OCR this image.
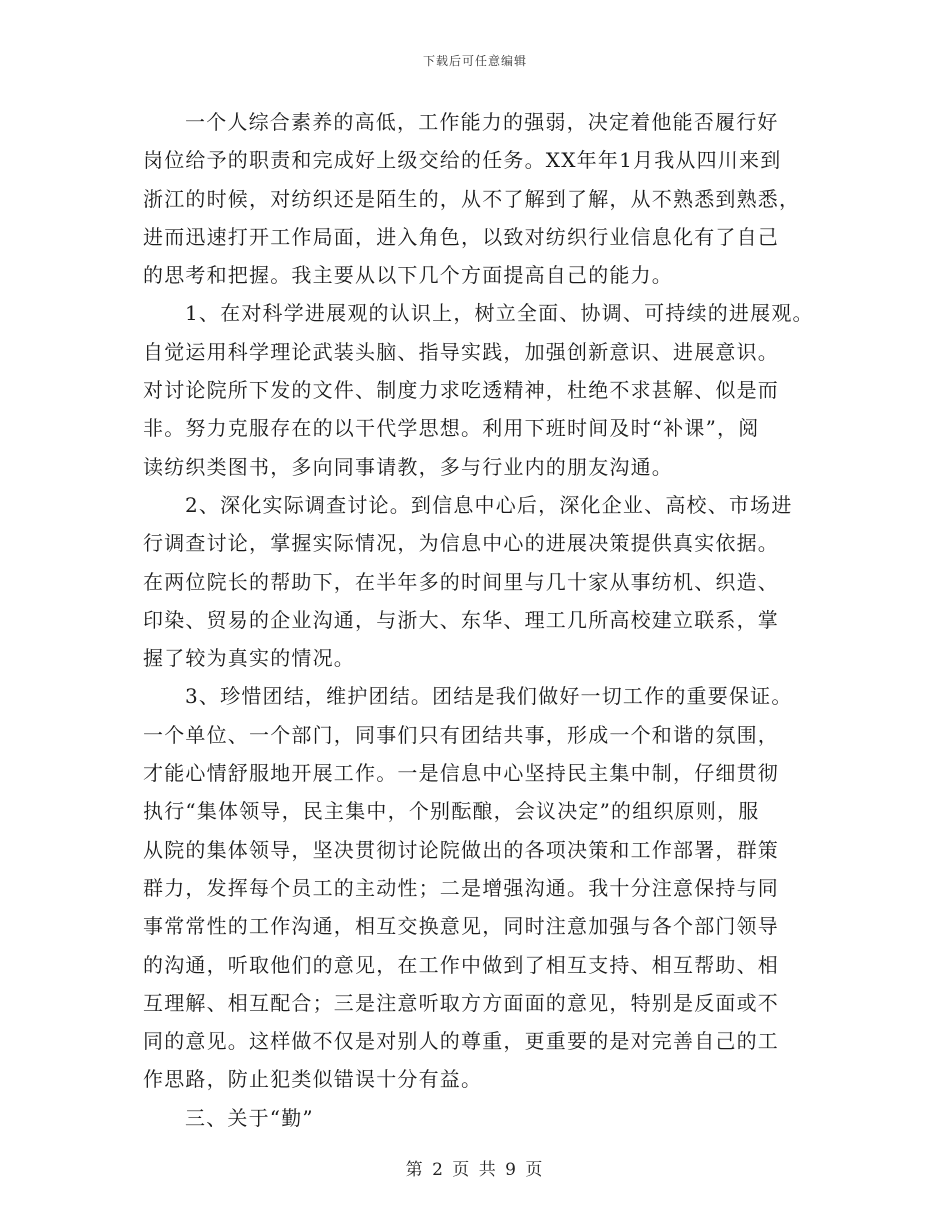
下载后可任意编辑
一个人综合素养的高低，工作能力的强弱，决定着他能否履行好
岗位给予的职责和完成好上级交给的任务。XX年年1月我从四川来到
浙江的时候，对纺织还是陌生的，从不了解到了解，从不熟悉到熟悉，
进而迅速打开工作局面，进入角色，以致对纺织行业信息化有了自己
的思考和把握。我主要从以下几个方面提高自己的能力。
1、在对科学进展观的认识上，树立全面、协调、可持续的进展观。
自觉运用科学理论武装头脑、指导实践，加强创新意识、进展意识。
对讨论院所下发的文件、制度力求吃透精神，杜绝不求甚解、似是而
非。努力克服存在的以干代学思想。利用下班时间及时“补课”，阅
读纺织类图书，多向同事请教，多与行业内的朋友沟通。
2、深化实际调查讨论。到信息中心后，深化企业、高校、市场进
行调查讨论，掌握实际情况，为信息中心的进展决策提供真实依据。
在两位院长的帮助下，在半年多的时间里与几十家从事纺机、织造、
印染、贸易的企业沟通，与浙大、东华、理工几所高校建立联系，掌
握了较为真实的情况。
3、珍惜团结，维护团结。团结是我们做好一切工作的重要保证。
一个单位、一个部门，同事们只有团结共事，形成一个和谐的氛围，
才能心情舒服地开展工作。一是信息中心坚持民主集中制，仔细贯彻
执行“集体领导，民主集中，个别酝酿，会议决定”的组织原则，服
从院的集体领导，坚决贯彻讨论院做出的各项决策和工作部署，群策
群力，发挥每个员工的主动性；二是增强沟通。我十分注意保持与同
事常常性的工作沟通，相互交换意见，同时注意加强与各个部门领导
的沟通，听取他们的意见，在工作中做到了相互支持、相互帮助、相
互理解、相互配合；三是注意听取方方面面的意见，特别是反面或不
同的意见。这样做不仅是对别人的尊重，更重要的是对完善自己的工
作思路，防止犯类似错误十分有益。
三、关于“勤”
第 2 页 共 9 页
